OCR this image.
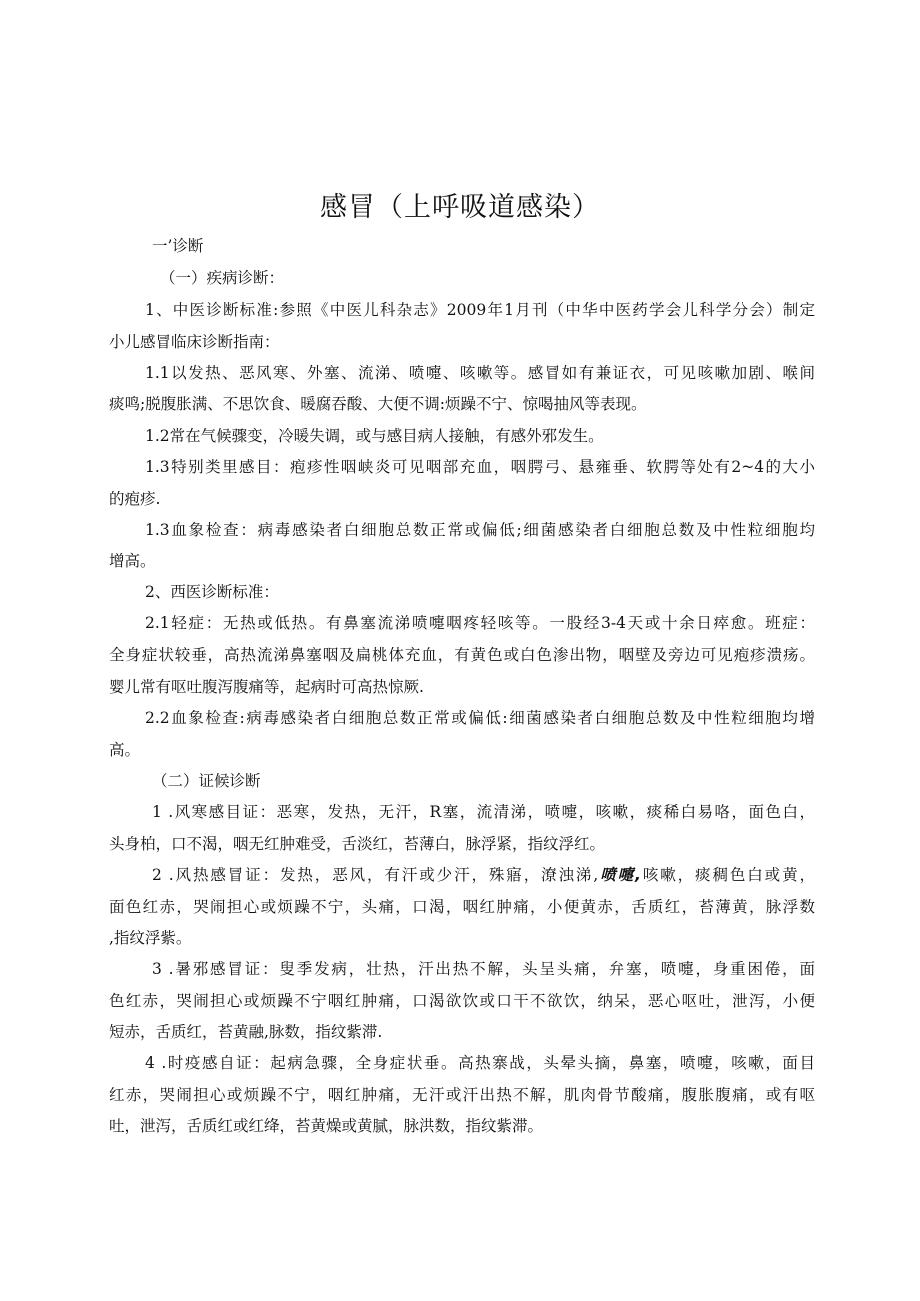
感冒（上呼吸道感染）
一’诊断
（一）疾病诊断：
1、中医诊断标准:参照《中医儿科杂志》2009年1月刊（中华中医药学会儿科学分会）制定
小儿感冒临床诊断指南：
1.1以发热、恶风寒、外塞、流涕、喷嚏、咳嗽等。感冒如有兼证衣，可见咳嗽加剧、喉间
痰鸣;脱腹胀满、不思饮食、暖腐吞酸、大便不调:烦躁不宁、惊喝抽风等表现。
1.2常在气候骤变，冷暖失调，或与感目病人接触，有感外邪发生。
1.3特别类里感目：疱疹性咽峡炎可见咽部充血，咽腭弓、悬雍垂、软腭等处有2~4的大小
的疱疹.
1.3血象检查：病毒感染者白细胞总数正常或偏低;细菌感染者白细胞总数及中性粒细胞均
增高。
2、西医诊断标准：
2.1轻症：无热或低热。有鼻塞流涕喷嚏咽疼轻咳等。一股经3-4天或十余日瘁愈。班症：
全身症状较垂，高热流涕鼻塞咽及扁桃体充血，有黄色或白色渗出物，咽壁及旁边可见疱疹溃疡。
婴儿常有呕吐腹泻腹痛等，起病时可高热惊厥.
2.2血象检查:病毒感染者白细胞总数正常或偏低:细菌感染者白细胞总数及中性粒细胞均增
高。
（二）证候诊断
1 .风寒感目证：恶寒，发热，无汗，R塞，流清涕，喷嚏，咳嗽，痰稀白易咯，面色白，
头身柏，口不渴，咽无红肿难受，舌淡红，苔薄白，脉浮紧，指纹浮红。
2 .风热感冒证：发热，恶风，有汗或少汗，殊寤，潦浊涕,喷嚏,咳嗽，痰稠色白或黄，
面色红赤，哭闹担心或烦躁不宁，头痛，口渴，咽红肿痛，小便黄赤，舌质红，苔薄黄，脉浮数
,指纹浮紫。
3 .暑邪感冒证：叟季发病，壮热，汗出热不解，头呈头痛，弁塞，喷嚏，身重困倦，面
色红赤，哭闹担心或烦躁不宁咽红肿痛，口渴欲饮或口干不欲饮，纳呆，恶心呕吐，泄泻，小便
短赤，舌质红，苔黄融,脉数，指纹紫滞.
4 .时疫感自证：起病急骤，全身症状垂。高热寨战，头晕头摘，鼻塞，喷嚏，咳嗽，面目
红赤，哭闹担心或烦躁不宁，咽红肿痛，无汗或汗出热不解，肌肉骨节酸痛，腹胀腹痛，或有呕
吐，泄泻，舌质红或红绛，苔黄燥或黄腻，脉洪数，指纹紫滞。
